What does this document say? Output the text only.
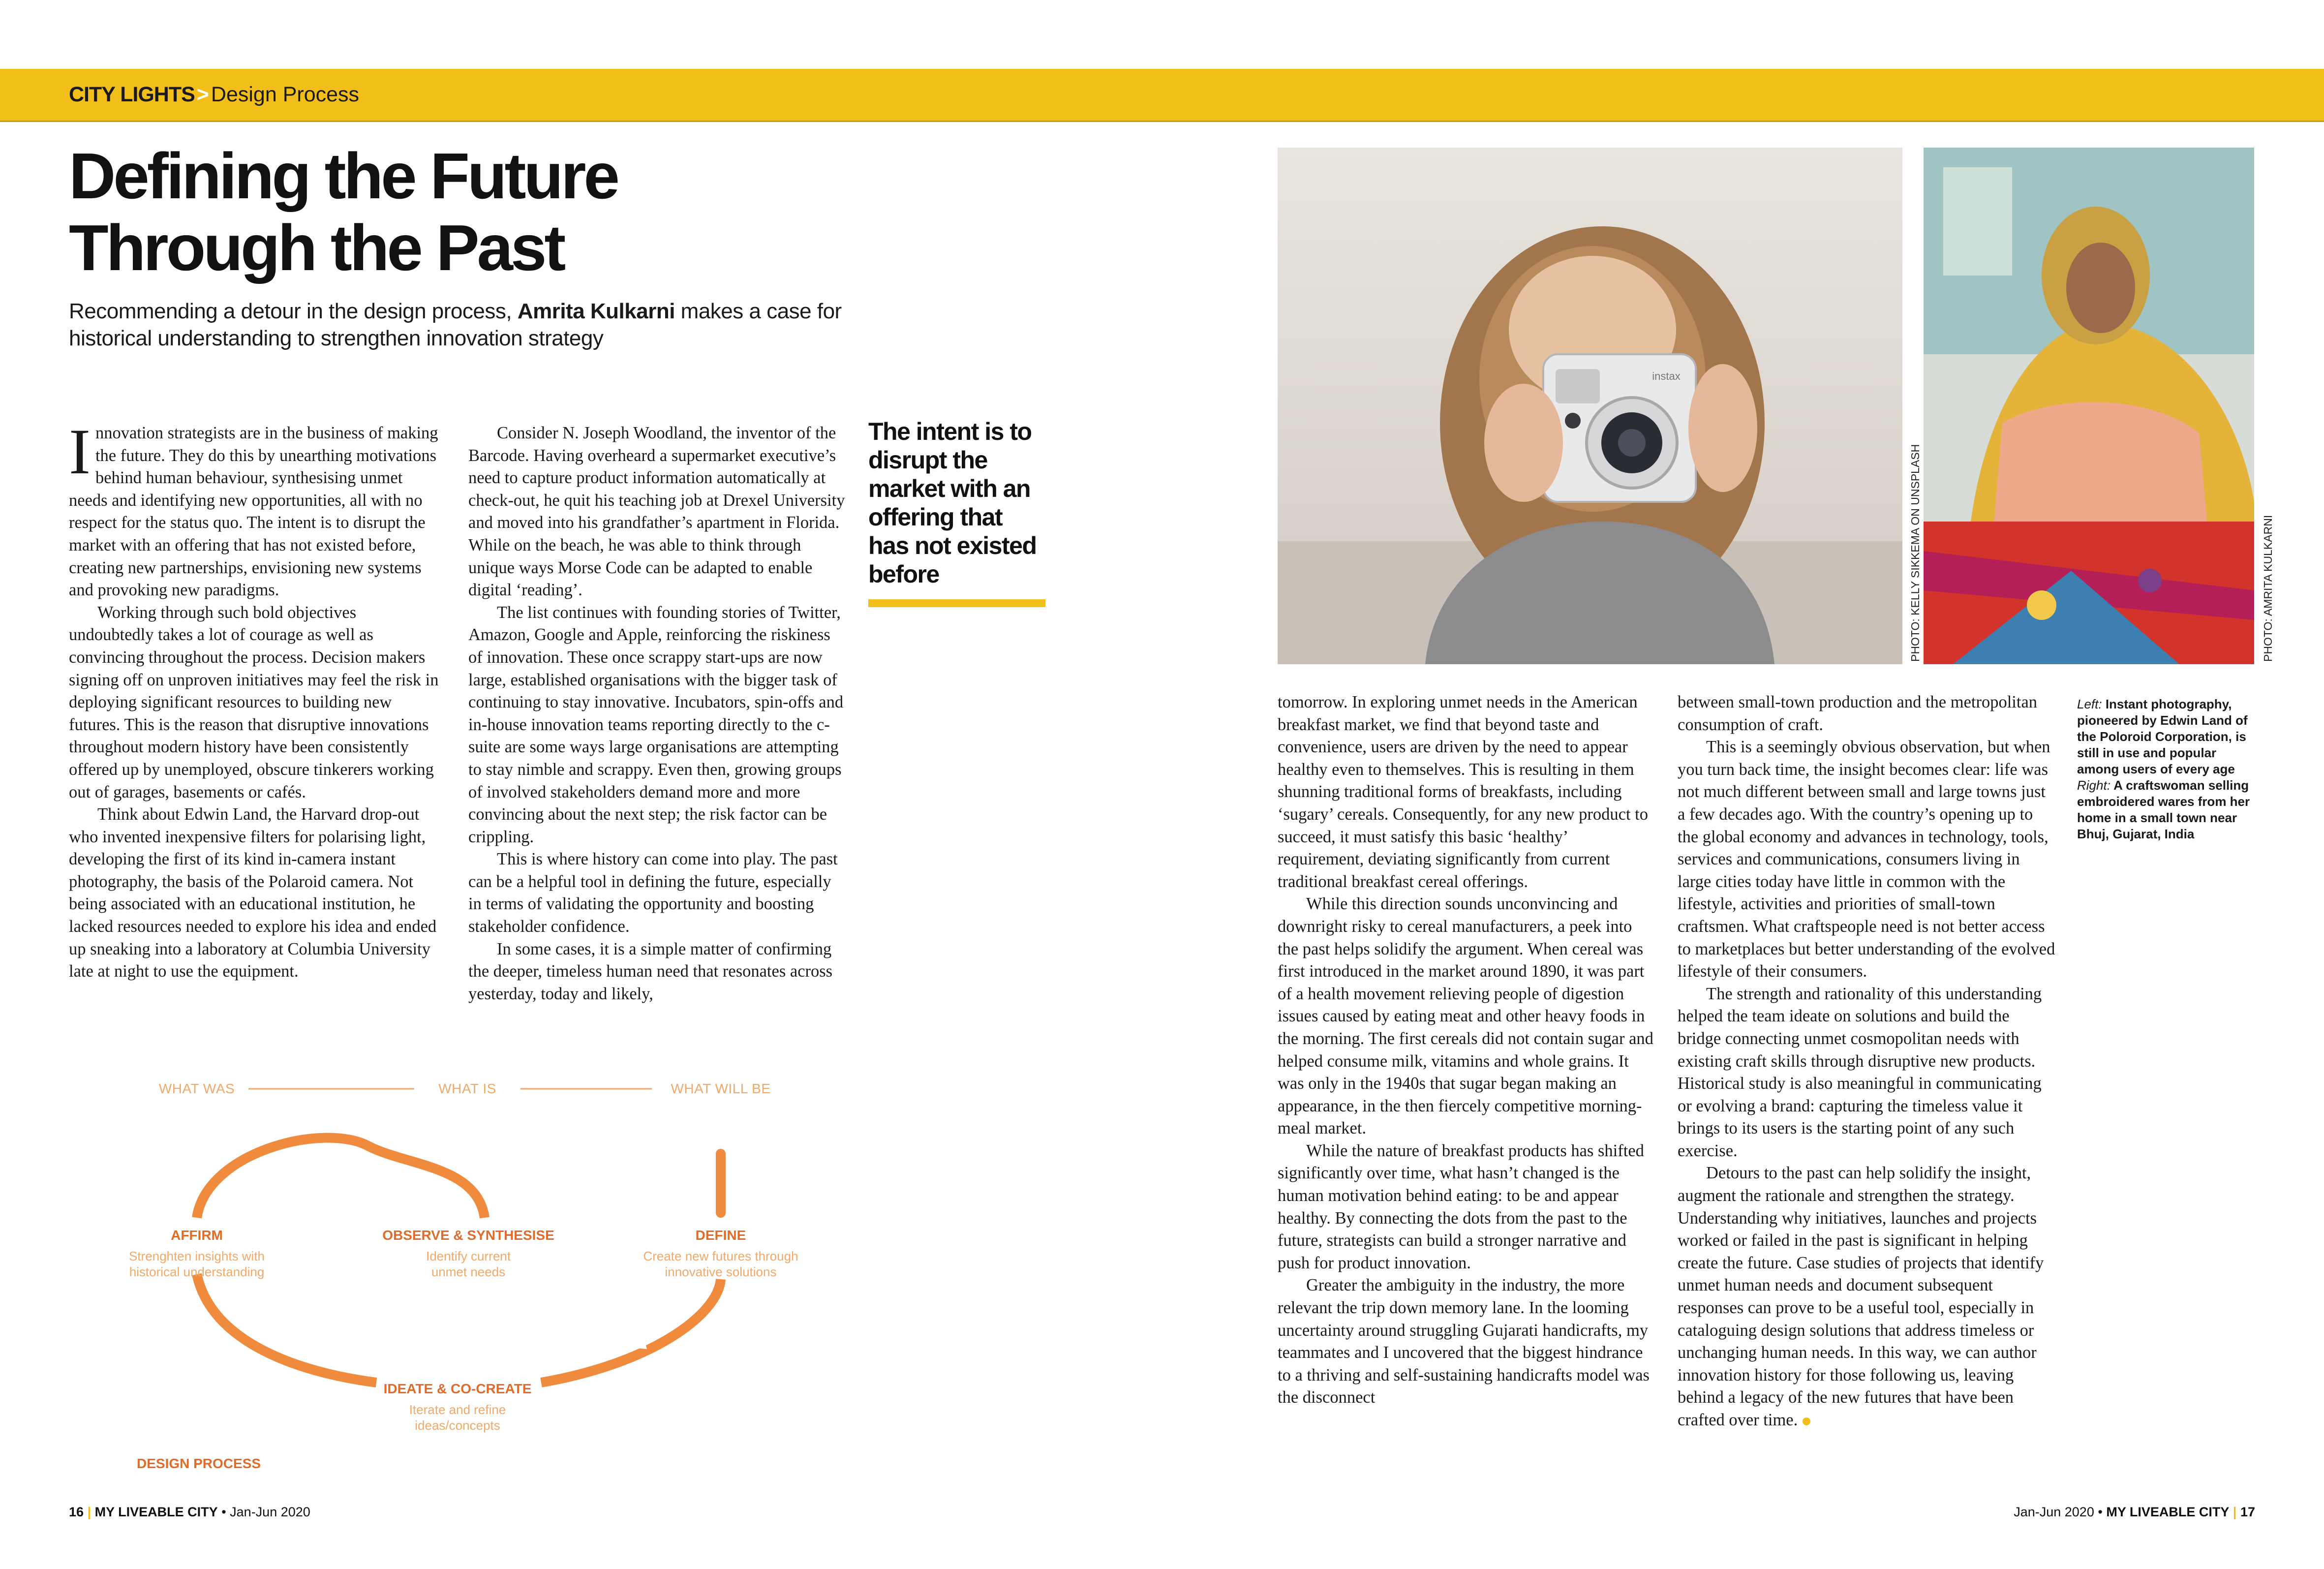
CITY LIGHTS>Design Process
Defining the Future
Through the Past
Recommending a detour in the design process, Amrita Kulkarni makes a case for historical understanding to strengthen innovation strategy

Innovation strategists are in the business of making the future. They do this by unearthing motivations behind human behaviour, synthesising unmet needs and identifying new opportunities, all with no respect for the status quo. The intent is to disrupt the market with an offering that has not existed before, creating new partnerships, envisioning new systems and provoking new paradigms.

Working through such bold objectives undoubtedly takes a lot of courage as well as convincing throughout the process. Decision makers signing off on unproven initiatives may feel the risk in deploying significant resources to building new futures. This is the reason that disruptive innovations throughout modern history have been consistently offered up by unemployed, obscure tinkerers working out of garages, basements or cafés.

Think about Edwin Land, the Harvard drop-out who invented inexpensive filters for polarising light, developing the first of its kind in-camera instant photography, the basis of the Polaroid camera. Not being associated with an educational institution, he lacked resources needed to explore his idea and ended up sneaking into a laboratory at Columbia University late at night to use the equipment.

Consider N. Joseph Woodland, the inventor of the Barcode. Having overheard a supermarket executive’s need to capture product information automatically at check-out, he quit his teaching job at Drexel University and moved into his grandfather’s apartment in Florida. While on the beach, he was able to think through unique ways Morse Code can be adapted to enable digital ‘reading’.

The list continues with founding stories of Twitter, Amazon, Google and Apple, reinforcing the riskiness of innovation. These once scrappy start-ups are now large, established organisations with the bigger task of continuing to stay innovative. Incubators, spin-offs and in-house innovation teams reporting directly to the c-suite are some ways large organisations are attempting to stay nimble and scrappy. Even then, growing groups of involved stakeholders demand more and more convincing about the next step; the risk factor can be crippling.

This is where history can come into play. The past can be a helpful tool in defining the future, especially in terms of validating the opportunity and boosting stakeholder confidence.

In some cases, it is a simple matter of confirming the deeper, timeless human need that resonates across yesterday, today and likely,

tomorrow. In exploring unmet needs in the American breakfast market, we find that beyond taste and convenience, users are driven by the need to appear healthy even to themselves. This is resulting in them shunning traditional forms of breakfasts, including ‘sugary’ cereals. Consequently, for any new product to succeed, it must satisfy this basic ‘healthy’ requirement, deviating significantly from current traditional breakfast cereal offerings.

While this direction sounds unconvincing and downright risky to cereal manufacturers, a peek into the past helps solidify the argument. When cereal was first introduced in the market around 1890, it was part of a health movement relieving people of digestion issues caused by eating meat and other heavy foods in the morning. The first cereals did not contain sugar and helped consume milk, vitamins and whole grains. It was only in the 1940s that sugar began making an appearance, in the then fiercely competitive morning-meal market.

While the nature of breakfast products has shifted significantly over time, what hasn’t changed is the human motivation behind eating: to be and appear healthy. By connecting the dots from the past to the future, strategists can build a stronger narrative and push for product innovation.

Greater the ambiguity in the industry, the more relevant the trip down memory lane. In the looming uncertainty around struggling Gujarati handicrafts, my teammates and I uncovered that the biggest hindrance to a thriving and self-sustaining handicrafts model was the disconnect

between small-town production and the metropolitan consumption of craft.

This is a seemingly obvious observation, but when you turn back time, the insight becomes clear: life was not much different between small and large towns just a few decades ago. With the country’s opening up to the global economy and advances in technology, tools, services and communications, consumers living in large cities today have little in common with the lifestyle, activities and priorities of small-town craftsmen. What craftspeople need is not better access to marketplaces but better understanding of the evolved lifestyle of their consumers.

The strength and rationality of this understanding helped the team ideate on solutions and build the bridge connecting unmet cosmopolitan needs with existing craft skills through disruptive new products. Historical study is also meaningful in communicating or evolving a brand: capturing the timeless value it brings to its users is the starting point of any such exercise.

Detours to the past can help solidify the insight, augment the rationale and strengthen the strategy. Understanding why initiatives, launches and projects worked or failed in the past is significant in helping create the future. Case studies of projects that identify unmet human needs and document subsequent responses can prove to be a useful tool, especially in cataloguing design solutions that address timeless or unchanging human needs. In this way, we can author innovation history for those following us, leaving behind a legacy of the new futures that have been crafted over time.

The intent is to disrupt the market with an offering that has not existed before
WHAT WAS	WHAT IS	WHAT WILL BE
AFFIRM
Strenghten insights with
historical understanding
OBSERVE & SYNTHESISE
Identify current
unmet needs
DEFINE
Create new futures through
innovative solutions
IDEATE & CO-CREATE
Iterate and refine
ideas/concepts
DESIGN PROCESS
instax
PHOTO: KELLY SIKKEMA ON UNSPLASH	PHOTO: AMRITA KULKARNI
Left: Instant photography, pioneered by Edwin Land of the Poloroid Corporation, is still in use and popular among users of every age
Right: A craftswoman selling embroidered wares from her home in a small town near Bhuj, Gujarat, India
16 | MY LIVEABLE CITY • Jan-Jun 2020	Jan-Jun 2020 • MY LIVEABLE CITY | 17
